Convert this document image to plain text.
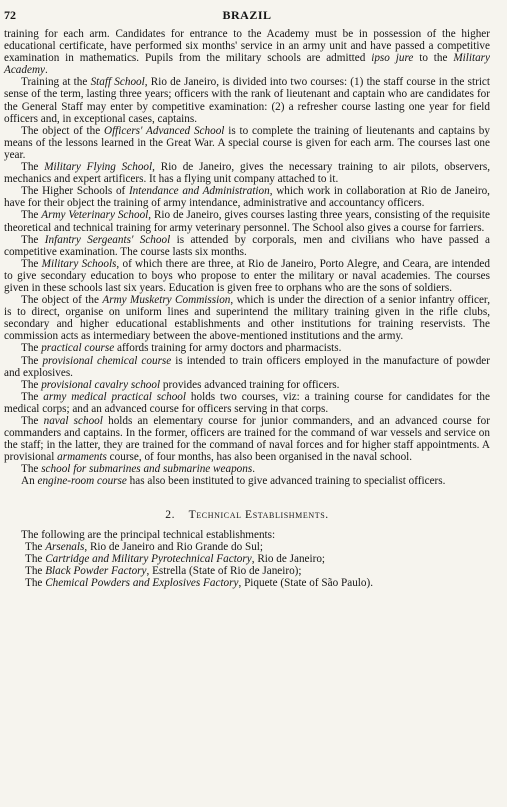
72	BRAZIL

training for each arm. Candidates for entrance to the Academy must be in possession of the higher educational certificate, have performed six months' service in an army unit and have passed a competitive examination in mathematics. Pupils from the military schools are admitted ipso jure to the Military Academy.

Training at the Staff School, Rio de Janeiro, is divided into two courses: (1) the staff course in the strict sense of the term, lasting three years; officers with the rank of lieutenant and captain who are candidates for the General Staff may enter by competitive examination: (2) a refresher course lasting one year for field officers and, in exceptional cases, captains.

The object of the Officers' Advanced School is to complete the training of lieutenants and captains by means of the lessons learned in the Great War. A special course is given for each arm. The courses last one year.

The Military Flying School, Rio de Janeiro, gives the necessary training to air pilots, observers, mechanics and expert artificers. It has a flying unit company attached to it.

The Higher Schools of Intendance and Administration, which work in collaboration at Rio de Janeiro, have for their object the training of army intendance, administrative and accountancy officers.

The Army Veterinary School, Rio de Janeiro, gives courses lasting three years, consisting of the requisite theoretical and technical training for army veterinary personnel. The School also gives a course for farriers.

The Infantry Sergeants' School is attended by corporals, men and civilians who have passed a competitive examination. The course lasts six months.

The Military Schools, of which there are three, at Rio de Janeiro, Porto Alegre, and Ceara, are intended to give secondary education to boys who propose to enter the military or naval academies. The courses given in these schools last six years. Education is given free to orphans who are the sons of soldiers.

The object of the Army Musketry Commission, which is under the direction of a senior infantry officer, is to direct, organise on uniform lines and superintend the military training given in the rifle clubs, secondary and higher educational establishments and other institutions for training reservists. The commission acts as intermediary between the above-mentioned institutions and the army.

The practical course affords training for army doctors and pharmacists.

The provisional chemical course is intended to train officers employed in the manufacture of powder and explosives.

The provisional cavalry school provides advanced training for officers.

The army medical practical school holds two courses, viz: a training course for candidates for the medical corps; and an advanced course for officers serving in that corps.

The naval school holds an elementary course for junior commanders, and an advanced course for commanders and captains. In the former, officers are trained for the command of war vessels and service on the staff; in the latter, they are trained for the command of naval forces and for higher staff appointments. A provisional armaments course, of four months, has also been organised in the naval school.

The school for submarines and submarine weapons.

An engine-room course has also been instituted to give advanced training to specialist officers.

2. Technical Establishments.

The following are the principal technical establishments:

The Arsenals, Rio de Janeiro and Rio Grande do Sul;
The Cartridge and Military Pyrotechnical Factory, Rio de Janeiro;
The Black Powder Factory, Estrella (State of Rio de Janeiro);
The Chemical Powders and Explosives Factory, Piquete (State of São Paulo).
